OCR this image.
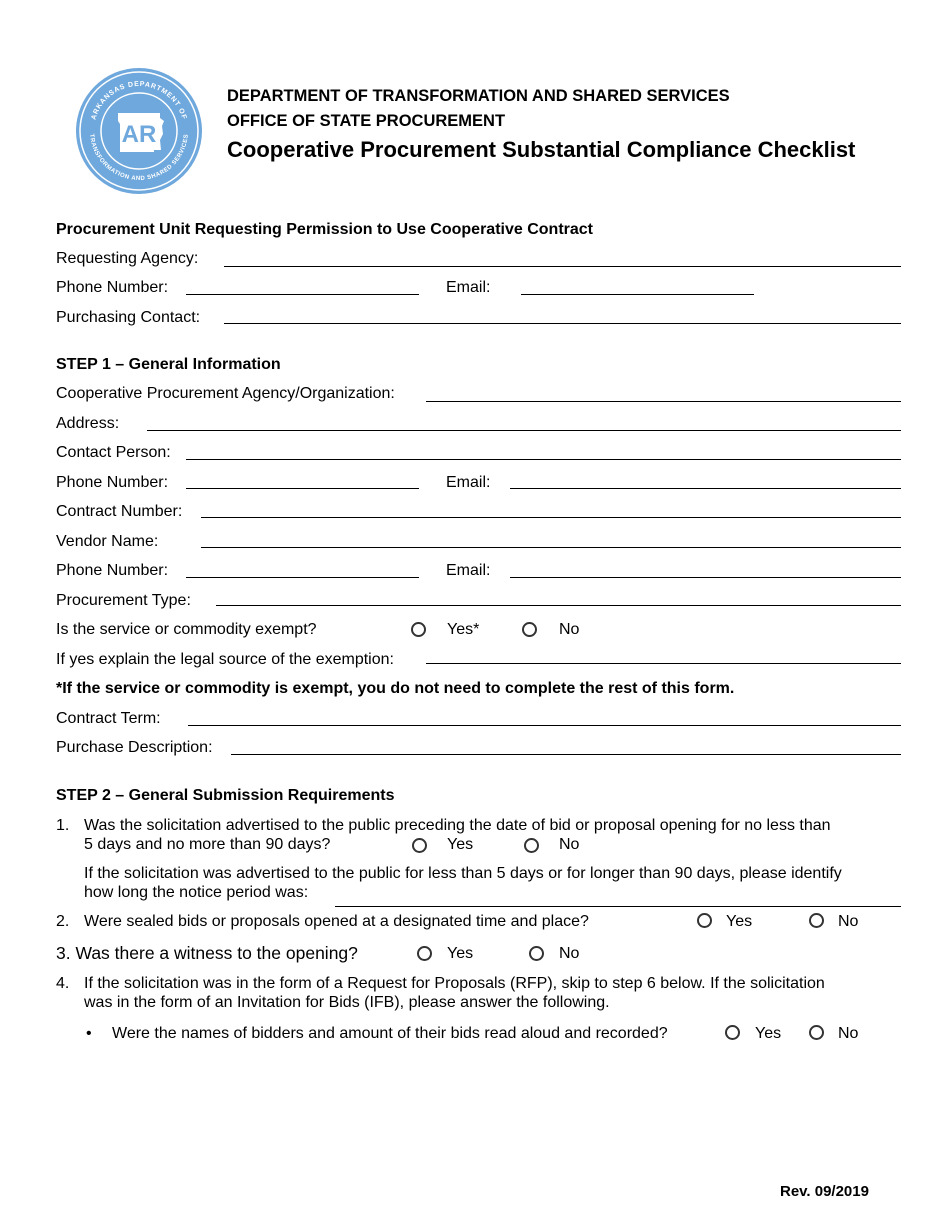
ARKANSAS DEPARTMENT OF
TRANSFORMATION AND SHARED SERVICES
AR
DEPARTMENT OF TRANSFORMATION AND SHARED SERVICES
OFFICE OF STATE PROCUREMENT
Cooperative Procurement Substantial Compliance Checklist
Procurement Unit Requesting Permission to Use Cooperative Contract
Requesting Agency:
Phone Number:	Email:
Purchasing Contact:
STEP 1 – General Information
Cooperative Procurement Agency/Organization:
Address:
Contact Person:
Phone Number:	Email:
Contract Number:
Vendor Name:
Phone Number:	Email:
Procurement Type:
Is the service or commodity exempt?	Yes*	No
If yes explain the legal source of the exemption:
*If the service or commodity is exempt, you do not need to complete the rest of this form.
Contract Term:
Purchase Description:
STEP 2 – General Submission Requirements
1. Was the solicitation advertised to the public preceding the date of bid or proposal opening for no less than
5 days and no more than 90 days?	Yes	No
If the solicitation was advertised to the public for less than 5 days or for longer than 90 days, please identify
how long the notice period was:
2. Were sealed bids or proposals opened at a designated time and place?	Yes	No
3. Was there a witness to the opening?	Yes	No
4. If the solicitation was in the form of a Request for Proposals (RFP), skip to step 6 below. If the solicitation
was in the form of an Invitation for Bids (IFB), please answer the following.
• Were the names of bidders and amount of their bids read aloud and recorded?	Yes	No
Rev. 09/2019
